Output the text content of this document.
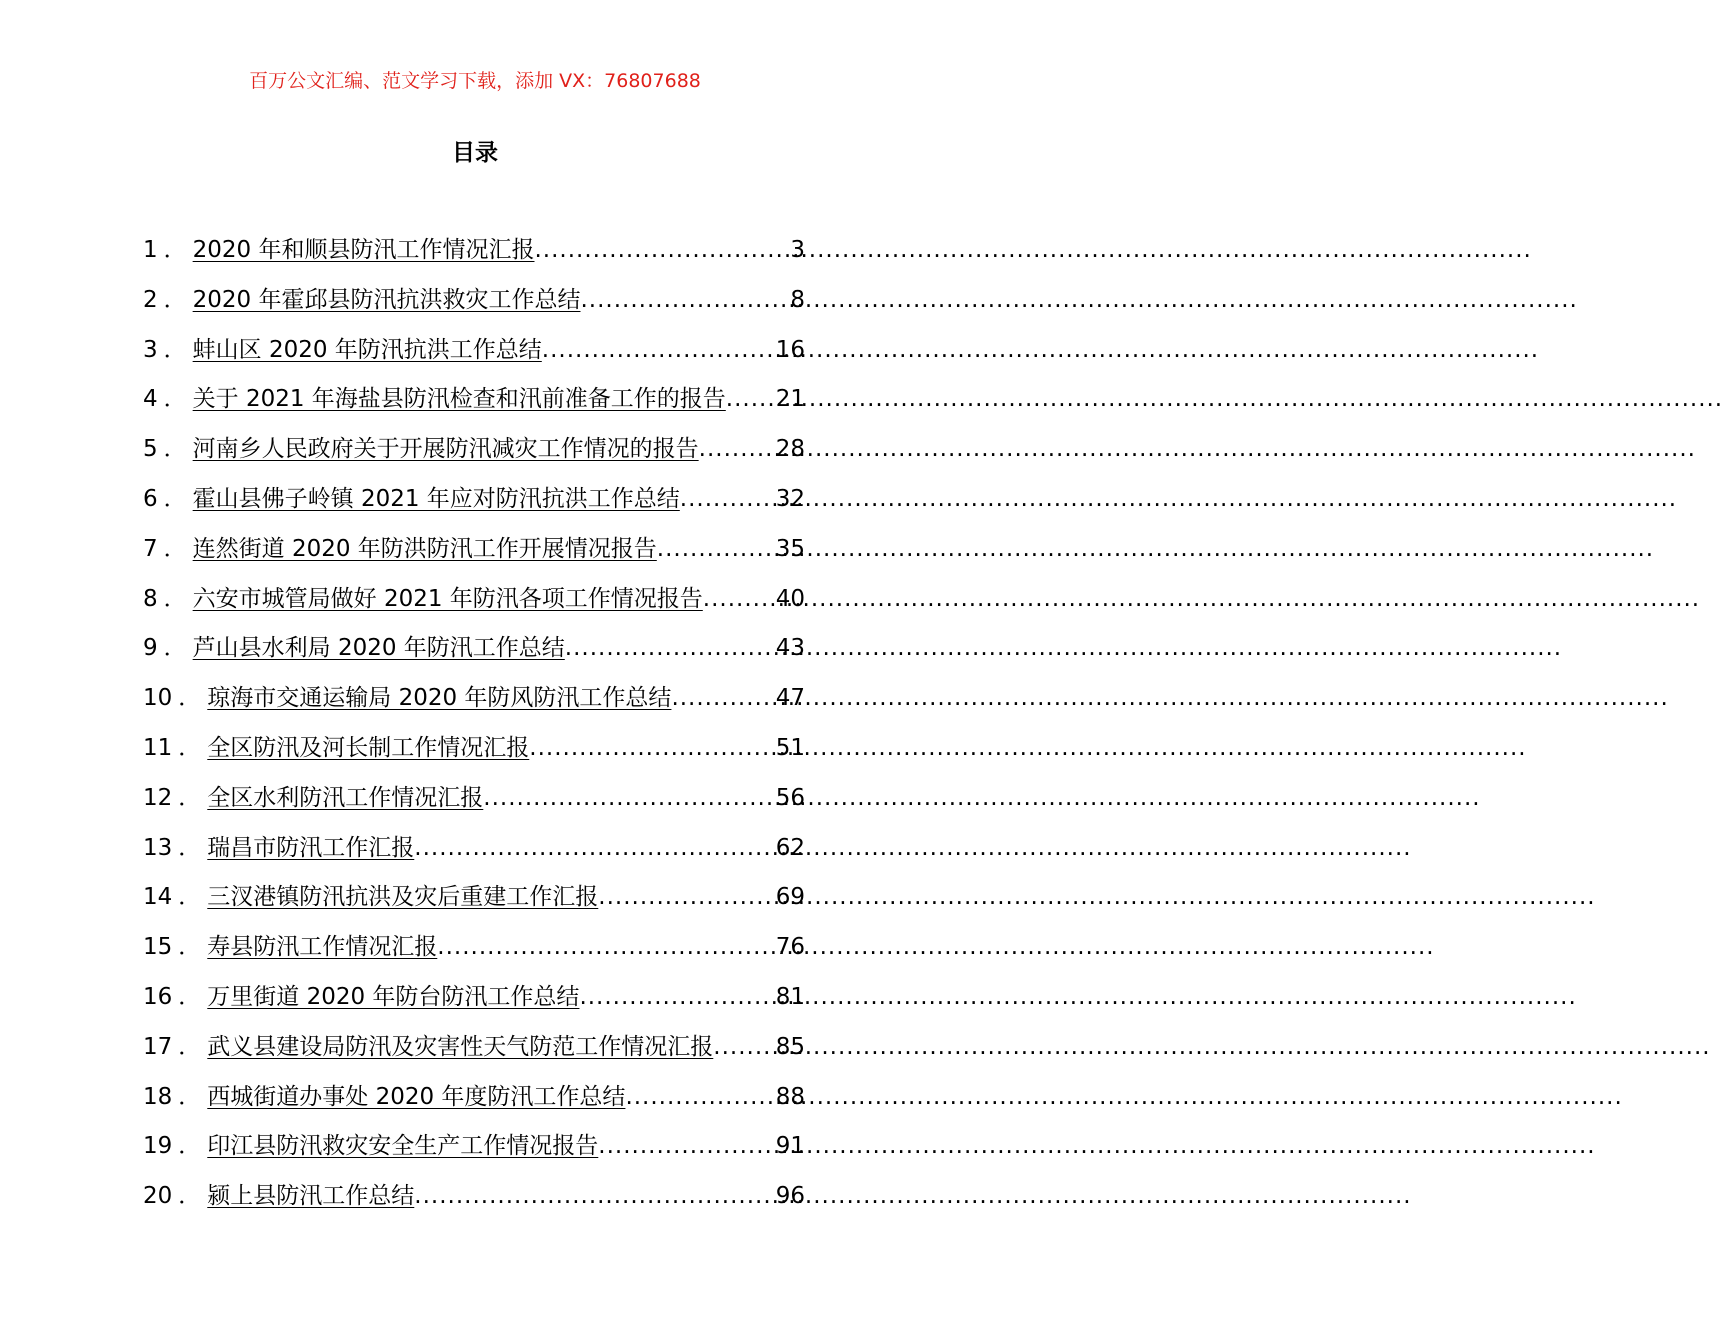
百万公文汇编、范文学习下载，添加 VX：76807688
目录
1 ． 2020 年和顺县防汛工作情况汇报 .....	3
2 ． 2020 年霍邱县防汛抗洪救灾工作总结 .....	8
3 ． 蚌山区 2020 年防汛抗洪工作总结 .....	16
4 ． 关于 2021 年海盐县防汛检查和汛前准备工作的报告 ..... 21
5 ． 河南乡人民政府关于开展防汛减灾工作情况的报告 .....	28
6 ． 霍山县佛子岭镇 2021 年应对防汛抗洪工作总结 .....	32
7 ． 连然街道 2020 年防洪防汛工作开展情况报告 .....	35
8 ． 六安市城管局做好 2021 年防汛各项工作情况报告 .....	40
9 ． 芦山县水利局 2020 年防汛工作总结 .....	43
10 ． 琼海市交通运输局 2020 年防风防汛工作总结 .....	47
11 ． 全区防汛及河长制工作情况汇报 .....	51
12 ． 全区水利防汛工作情况汇报 .....	56
13 ． 瑞昌市防汛工作汇报 .....	62
14 ． 三汊港镇防汛抗洪及灾后重建工作汇报 .....	69
15 ． 寿县防汛工作情况汇报 .....	76
16 ． 万里街道 2020 年防台防汛工作总结 .....	81
17 ． 武义县建设局防汛及灾害性天气防范工作情况汇报 .....	85
18 ． 西城街道办事处 2020 年度防汛工作总结 .....	88
19 ． 印江县防汛救灾安全生产工作情况报告 .....	91
20 ． 颍上县防汛工作总结 .....	96
